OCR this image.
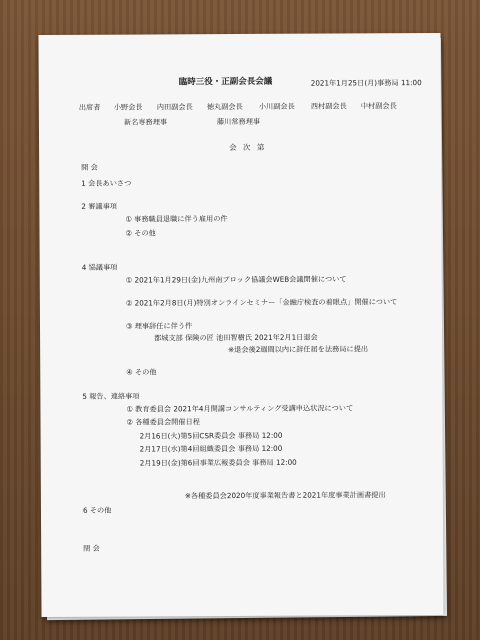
臨時三役・正副会長会議	2021年1月25日(月)事務局 11:00
出席者 小野会長 内田副会長 徳丸副会長 小川副会長 西村副会長 中村副会長
新名専務理事	藤川常務理事
会 次 第
開 会
1 会長あいさつ
2 審議事項
① 事務職員退職に伴う雇用の件
② その他
4 協議事項
① 2021年1月29日(金)九州南ブロック協議会WEB会議開催について
② 2021年2月8日(月)特別オンラインセミナー「金融庁検査の着眼点」開催について
③ 理事辞任に伴う件
都城支部 保険の匠 池田智樹氏 2021年2月1日退会
※退会後2週間以内に辞任届を法務局に提出
④ その他
5 報告、連絡事項
① 教育委員会 2021年4月開講コンサルティング受講申込状況について
② 各種委員会開催日程
2月16日(火)第5回CSR委員会 事務局 12:00
2月17日(水)第4回組織委員会 事務局 12:00
2月19日(金)第6回事業広報委員会 事務局 12:00
※各種委員会2020年度事業報告書と2021年度事業計画書提出
6 その他
閉 会
